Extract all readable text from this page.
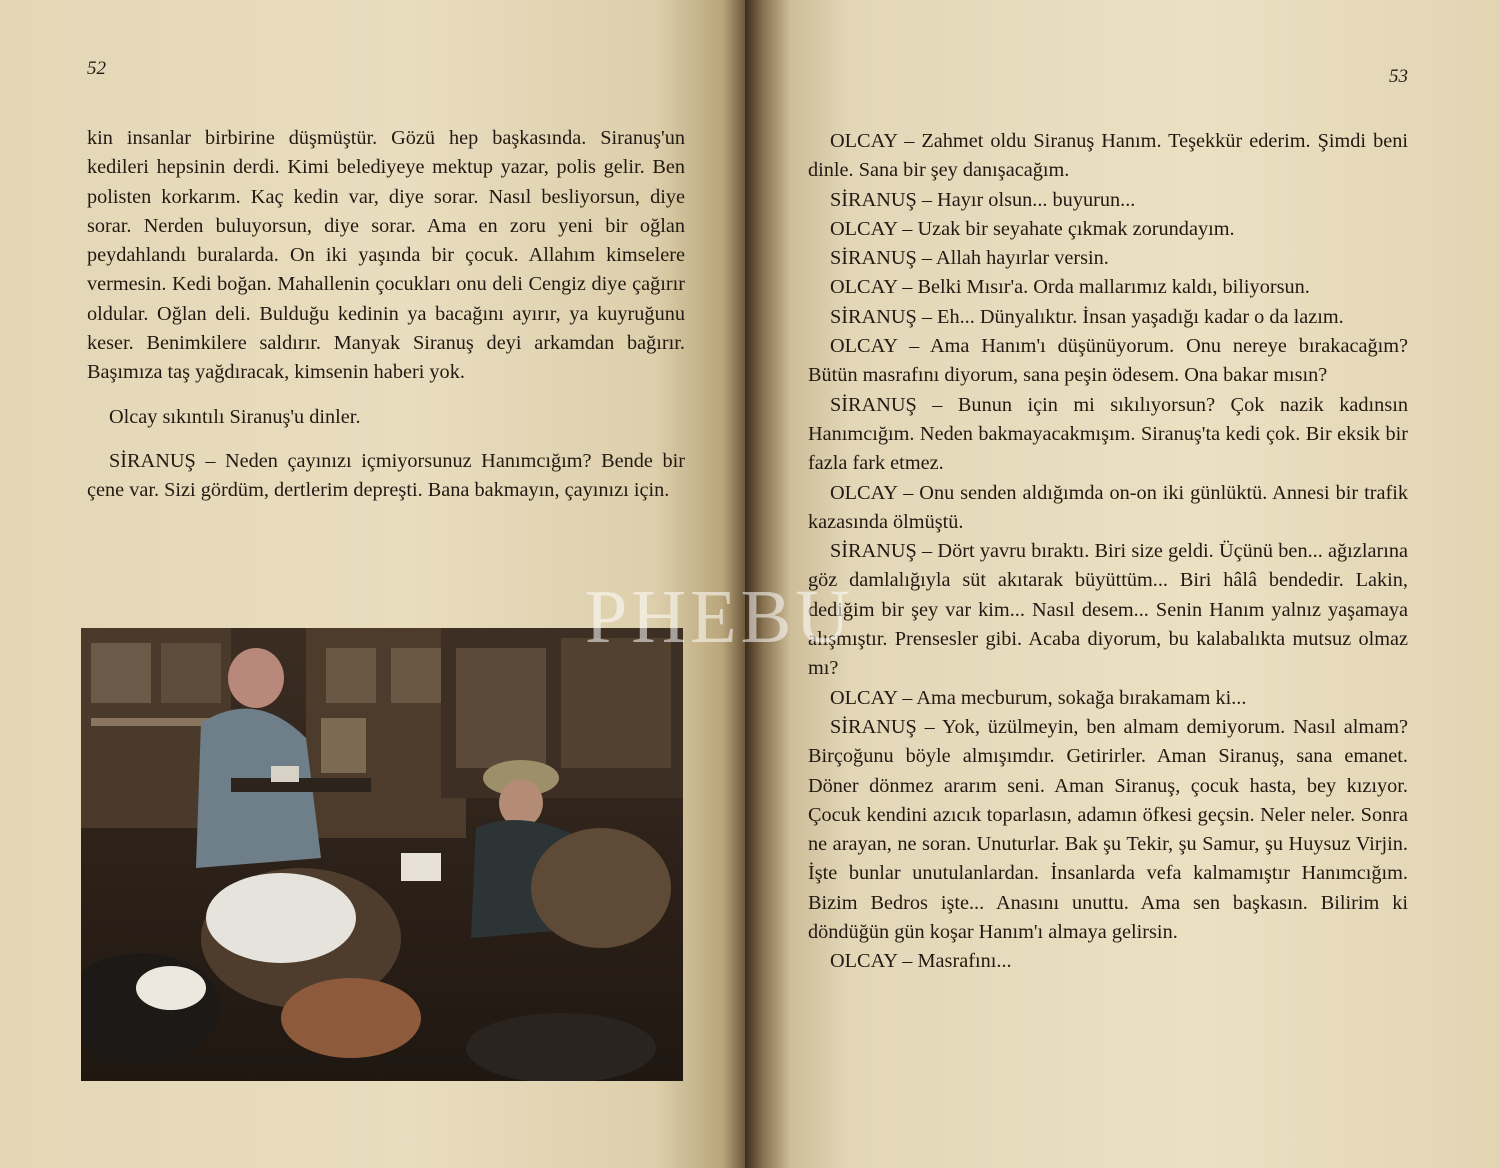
52

kin insanlar birbirine düşmüştür. Gözü hep başkasında. Siranuş'un kedileri hepsinin derdi. Kimi belediyeye mektup yazar, polis gelir. Ben polisten korkarım. Kaç kedin var, diye sorar. Nasıl besliyorsun, diye sorar. Nerden buluyorsun, diye sorar. Ama en zoru yeni bir oğlan peydahlandı buralarda. On iki yaşında bir çocuk. Allahım kimselere vermesin. Kedi boğan. Mahallenin çocukları onu deli Cengiz diye çağırır oldular. Oğlan deli. Bulduğu kedinin ya bacağını ayırır, ya kuyruğunu keser. Benimkilere saldırır. Manyak Siranuş deyi arkamdan bağırır. Başımıza taş yağdıracak, kimsenin haberi yok.

Olcay sıkıntılı Siranuş'u dinler.

SİRANUŞ – Neden çayınızı içmiyorsunuz Hanımcığım? Bende bir çene var. Sizi gördüm, dertlerim depreşti. Bana bakmayın, çayınızı için.

53

OLCAY – Zahmet oldu Siranuş Hanım. Teşekkür ederim. Şimdi beni dinle. Sana bir şey danışacağım.

SİRANUŞ – Hayır olsun... buyurun...

OLCAY – Uzak bir seyahate çıkmak zorundayım.

SİRANUŞ – Allah hayırlar versin.

OLCAY – Belki Mısır'a. Orda mallarımız kaldı, biliyorsun.

SİRANUŞ – Eh... Dünyalıktır. İnsan yaşadığı kadar o da lazım.

OLCAY – Ama Hanım'ı düşünüyorum. Onu nereye bırakacağım? Bütün masrafını diyorum, sana peşin ödesem. Ona bakar mısın?

SİRANUŞ – Bunun için mi sıkılıyorsun? Çok nazik kadınsın Hanımcığım. Neden bakmayacakmışım. Siranuş'ta kedi çok. Bir eksik bir fazla fark etmez.

OLCAY – Onu senden aldığımda on-on iki günlüktü. Annesi bir trafik kazasında ölmüştü.

SİRANUŞ – Dört yavru bıraktı. Biri size geldi. Üçünü ben... ağızlarına göz damlalığıyla süt akıtarak büyüttüm... Biri hâlâ bendedir. Lakin, dediğim bir şey var kim... Nasıl desem... Senin Hanım yalnız yaşamaya alışmıştır. Prensesler gibi. Acaba diyorum, bu kalabalıkta mutsuz olmaz mı?

OLCAY – Ama mecburum, sokağa bırakamam ki...

SİRANUŞ – Yok, üzülmeyin, ben almam demiyorum. Nasıl almam? Birçoğunu böyle almışımdır. Getirirler. Aman Siranuş, sana emanet. Döner dönmez ararım seni. Aman Siranuş, çocuk hasta, bey kızıyor. Çocuk kendini azıcık toparlasın, adamın öfkesi geçsin. Neler neler. Sonra ne arayan, ne soran. Unuturlar. Bak şu Tekir, şu Samur, şu Huysuz Virjin. İşte bunlar unutulanlardan. İnsanlarda vefa kalmamıştır Hanımcığım. Bizim Bedros işte... Anasını unuttu. Ama sen başkasın. Bilirim ki döndüğün gün koşar Hanım'ı almaya gelirsin.

OLCAY – Masrafını...

PHEBU
